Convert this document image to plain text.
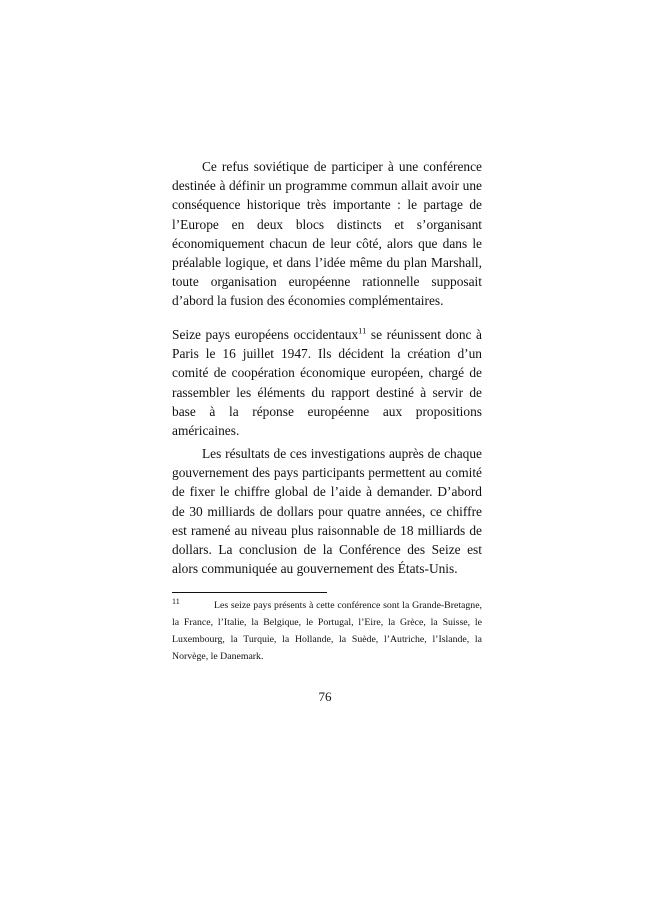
Ce refus soviétique de participer à une conférence destinée à définir un programme commun allait avoir une conséquence historique très importante : le partage de l’Europe en deux blocs distincts et s’organisant économiquement chacun de leur côté, alors que dans le préalable logique, et dans l’idée même du plan Marshall, toute organisation européenne rationnelle supposait d’abord la fusion des économies complémentaires.

Seize pays européens occidentaux$^{11}$ se réunissent donc à Paris le 16 juillet 1947. Ils décident la création d’un comité de coopération économique européen, chargé de rassembler les éléments du rapport destiné à servir de base à la réponse européenne aux propositions américaines.

Les résultats de ces investigations auprès de chaque gouvernement des pays participants permettent au comité de fixer le chiffre global de l’aide à demander. D’abord de 30 milliards de dollars pour quatre années, ce chiffre est ramené au niveau plus raisonnable de 18 milliards de dollars. La conclusion de la Conférence des Seize est alors communiquée au gouvernement des États-Unis.

11	Les seize pays présents à cette conférence sont la Grande-Bretagne, la France, l’Italie, la Belgique, le Portugal, l’Eire, la Grèce, la Suisse, le Luxembourg, la Turquie, la Hollande, la Suède, l’Autriche, l’Islande, la Norvège, le Danemark.

76
